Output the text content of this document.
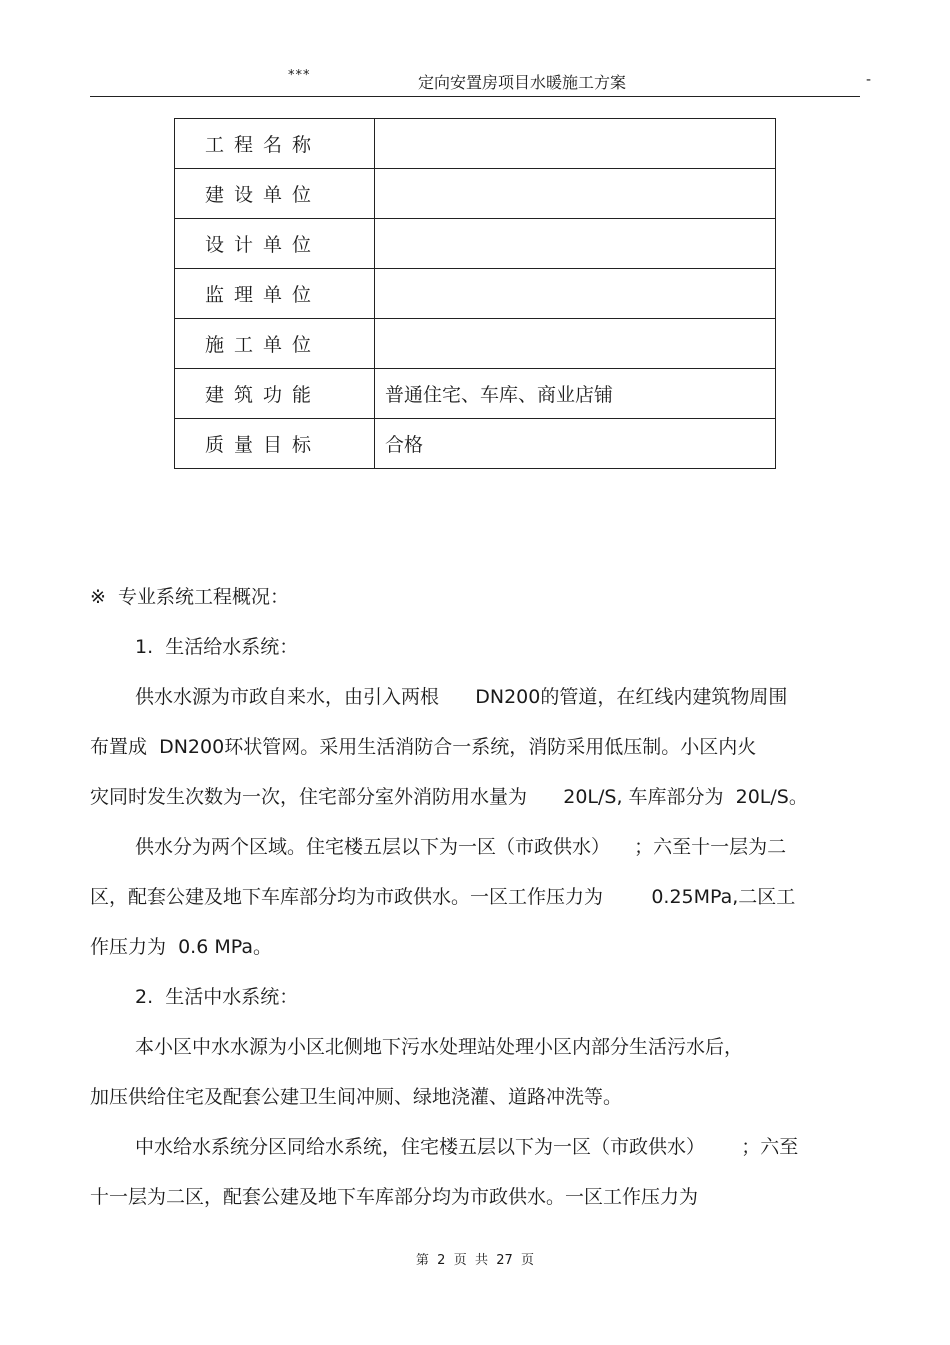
***	定向安置房项目水暖施工方案	-
工程名称	
建设单位	
设计单位	
监理单位	
施工单位	
建筑功能	普通住宅、车库、商业店铺
质量目标	合格
※  专业系统工程概况：
1.  生活给水系统：
供水水源为市政自来水，由引入两根      DN200的管道，在红线内建筑物周围
布置成  DN200环状管网。采用生活消防合一系统，消防采用低压制。小区内火
灾同时发生次数为一次，住宅部分室外消防用水量为      20L/S, 车库部分为  20L/S。
供水分为两个区域。住宅楼五层以下为一区（市政供水）    ；六至十一层为二
区，配套公建及地下车库部分均为市政供水。一区工作压力为        0.25MPa,二区工
作压力为  0.6 MPa。
2.  生活中水系统：
本小区中水水源为小区北侧地下污水处理站处理小区内部分生活污水后，
加压供给住宅及配套公建卫生间冲厕、绿地浇灌、道路冲洗等。
中水给水系统分区同给水系统，住宅楼五层以下为一区（市政供水）      ；六至
十一层为二区，配套公建及地下车库部分均为市政供水。一区工作压力为
第  2  页  共  27  页
